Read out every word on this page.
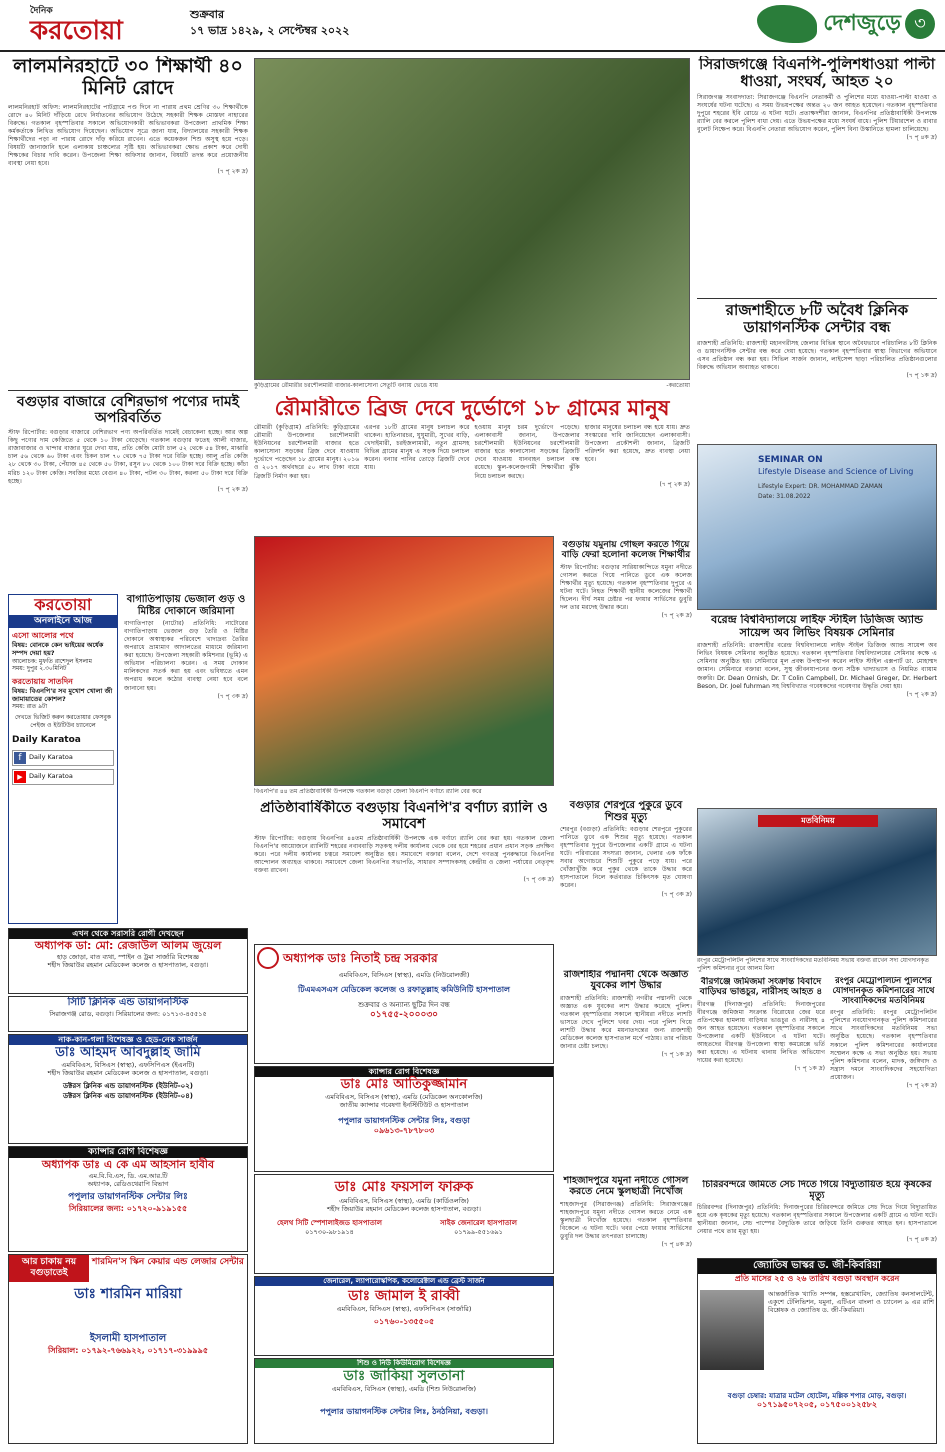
দৈনিক
করতোয়া
শুক্রবার
১৭ ভাদ্র ১৪২৯, ২ সেপ্টেম্বর ২০২২	দেশজুড়ে ৩
লালমনিরহাটে ৩০ শিক্ষার্থী ৪০ মিনিট রোদে
লালমনিরহাট অফিস: লালমনিরহাটের পাটগ্রামে পণ্ড দিনে না পারায় প্রথম শ্রেণির ৩০ শিক্ষার্থীকে রোদে ৪০ মিনিট দাঁড়িয়ে রেখে নির্যাতনের অভিযোগ উঠেছে সহকারী শিক্ষক মোস্তফা নাহারের বিরুদ্ধে। গতকাল বৃহস্পতিবার সকালে অভিযোগকারী অভিভাবকরা উপজেলা প্রাথমিক শিক্ষা কর্মকর্তাকে লিখিত অভিযোগ দিয়েছেন। অভিযোগ সূত্রে জানা যায়, বিদ্যালয়ের সহকারী শিক্ষক শিক্ষার্থীদের পড়া না পারায় রোদে দাঁড় করিয়ে রাখেন। এতে কয়েকজন শিশু অসুস্থ হয়ে পড়ে। বিষয়টি জানাজানি হলে এলাকায় চাঞ্চল্যের সৃষ্টি হয়। অভিভাবকরা ক্ষোভ প্রকাশ করে দোষী শিক্ষকের বিচার দাবি করেন। উপজেলা শিক্ষা অফিসার জানান, বিষয়টি তদন্ত করে প্রয়োজনীয় ব্যবস্থা নেয়া হবে।
(৭ পৃ ২ক দ্র)
কুড়িগ্রামের রৌমারীর চরশৌলমারী বাজার-কালাসোনা সেতুটি বন্যায় ভেঙে যায়	-করতোয়া
সিরাজগঞ্জে বিএনপি-পুলিশধাওয়া পাল্টা ধাওয়া, সংঘর্ষ, আহত ২০
সিরাজগঞ্জ সংবাদদাতা: সিরাজগঞ্জে বিএনপি নেতাকর্মী ও পুলিশের মধ্যে ধাওয়া-পাল্টা ধাওয়া ও সংঘর্ষের ঘটনা ঘটেছে। এ সময় উভয়পক্ষের অন্তত ২০ জন আহত হয়েছেন। গতকাল বৃহস্পতিবার দুপুরে শহরের ইবি রোডে এ ঘটনা ঘটে। প্রত্যক্ষদর্শীরা জানান, বিএনপির প্রতিষ্ঠাবার্ষিকী উপলক্ষে র‌্যালি বের করলে পুলিশ বাধা দেয়। এতে উভয়পক্ষের মধ্যে সংঘর্ষ বাধে। পুলিশ টিয়ারশেল ও রাবার বুলেট নিক্ষেপ করে। বিএনপি নেতারা অভিযোগ করেন, পুলিশ বিনা উস্কানিতে হামলা চালিয়েছে।
(৭ পৃ ৪ক দ্র)
রাজশাহীতে ৮টি অবৈধ ক্লিনিক ডায়াগনস্টিক সেন্টার বন্ধ
রাজশাহী প্রতিনিধি: রাজশাহী মহানগরীসহ জেলার বিভিন্ন স্থানে অবৈধভাবে পরিচালিত ৮টি ক্লিনিক ও ডায়াগনস্টিক সেন্টার বন্ধ করে দেয়া হয়েছে। গতকাল বৃহস্পতিবার স্বাস্থ্য বিভাগের অভিযানে এসব প্রতিষ্ঠান বন্ধ করা হয়। সিভিল সার্জন জানান, লাইসেন্স ছাড়া পরিচালিত প্রতিষ্ঠানগুলোর বিরুদ্ধে অভিযান অব্যাহত থাকবে।
(৭ পৃ ১ক দ্র)
বগুড়ার বাজারে বেশিরভাগ পণ্যের দামই অপরিবর্তিত
স্টাফ রিপোর্টার: বগুড়ার বাজারে বেশিরভাগ পণ্য অপরিবর্তিত দামেই বেচাকেনা হচ্ছে। আর অল্প কিছু পণ্যের দাম কেজিতে ৫ থেকে ১০ টাকা বেড়েছে। গতকাল বগুড়ার ফতেহ আলী বাজার, রাজাবাজার ও খান্দার বাজার ঘুরে দেখা যায়, প্রতি কেজি মোটা চাল ৫২ থেকে ৫৪ টাকা, মাঝারি চাল ৫৬ থেকে ৬০ টাকা এবং চিকন চাল ৭০ থেকে ৭৫ টাকা দরে বিক্রি হচ্ছে। আলু প্রতি কেজি ২৮ থেকে ৩০ টাকা, পেঁয়াজ ৪৫ থেকে ৫০ টাকা, রসুন ৮০ থেকে ১০০ টাকা দরে বিক্রি হচ্ছে। কাঁচা মরিচ ১২০ টাকা কেজি। সবজির মধ্যে বেগুন ৪০ টাকা, পটল ৩০ টাকা, করলা ৫০ টাকা দরে বিক্রি হচ্ছে।
(৭ পৃ ২ক দ্র)
রৌমারীতে ব্রিজ দেবে দুর্ভোগে ১৮ গ্রামের মানুষ
রৌমারী (কুড়িগ্রাম) প্রতিনিধি: কুড়িগ্রামের রৌমারী উপজেলার চরশৌলমারী ইউনিয়নের চরশৌলমারী বাজার হতে কালাসোনা সড়কের ব্রিজ দেবে যাওয়ায় দুর্ভোগে পড়েছেন ১৮ গ্রামের মানুষ। ২০১৬ ও ২০১৭ অর্থবছরে ৫০ লাখ টাকা ব্যয়ে ব্রিজটি নির্মাণ করা হয়।
এরপর ১৮টি গ্রামের মানুষ চলাচল করে থাকেন। হাতিনারচর, ঘুঘুমারী, সুখের বাড়ি, খেদাইমারী, চরইজলামারী, নতুন গ্রামসহ বিভিন্ন গ্রামের মানুষ এ সড়ক দিয়ে চলাচল করেন। বন্যার পানির তোড়ে ব্রিজটি দেবে যায়।
হওয়ায় মানুষ চরম দুর্ভোগে পড়েছে। এলাকাবাসী জানান, উপজেলার চরশৌলমারী ইউনিয়নের চরশৌলমারী বাজার হতে কালাসোনা সড়কের ব্রিজটি দেবে যাওয়ায় যানবাহন চলাচল বন্ধ রয়েছে। স্কুল-কলেজগামী শিক্ষার্থীরা ঝুঁকি নিয়ে চলাচল করছে।
হাজার মানুষের চলাচল বন্ধ হয়ে যায়। দ্রুত সংস্কারের দাবি জানিয়েছেন এলাকাবাসী। উপজেলা প্রকৌশলী জানান, ব্রিজটি পরিদর্শন করা হয়েছে, দ্রুত ব্যবস্থা নেয়া হবে।
(৭ পৃ ২ক দ্র)
SEMINAR ON
Lifestyle Disease and Science of Living
Lifestyle Expert: DR. MOHAMMAD ZAMAN
Date: 31.08.2022
বরেন্দ্র বিশ্ববিদ্যালয়ে লাইফ স্টাইল ডিজিজ অ্যান্ড সায়েন্স অব লিভিং বিষয়ক সেমিনার
রাজশাহী প্রতিনিধি: রাজশাহীর বরেন্দ্র বিশ্ববিদ্যালয়ে লাইফ স্টাইল ডিজিজ অ্যান্ড সায়েন্স অব লিভিং বিষয়ক সেমিনার অনুষ্ঠিত হয়েছে। গতকাল বৃহস্পতিবার বিশ্ববিদ্যালয়ের সেমিনার কক্ষে এ সেমিনার অনুষ্ঠিত হয়। সেমিনারে মূল প্রবন্ধ উপস্থাপন করেন লাইফ স্টাইল এক্সপার্ট ডা. মোহাম্মদ জামান। সেমিনারে বক্তারা বলেন, সুস্থ জীবনযাপনের জন্য সঠিক খাদ্যাভ্যাস ও নিয়মিত ব্যায়াম জরুরি। Dr. Dean Ornish, Dr. T Colin Campbell, Dr. Michael Greger, Dr. Herbert Beson, Dr. Joel fuhrman সহ বিশ্ববিখ্যাত গবেষকদের গবেষণার উদ্ধৃতি দেয়া হয়।
(৭ পৃ ২ক দ্র)
বিএনপি'র ৪৪ তম প্রতিষ্ঠাবার্ষিকী উপলক্ষে গতকাল বগুড়া জেলা বিএনপি বর্ণাঢ্য র‌্যালি বের করে
বগুড়ায় যমুনায় গোছল করতে গিয়ে বাড়ি ফেরা হলোনা কলেজ শিক্ষার্থীর
স্টাফ রিপোর্টার: বগুড়ার সারিয়াকান্দিতে যমুনা নদীতে গোসল করতে গিয়ে পানিতে ডুবে এক কলেজ শিক্ষার্থীর মৃত্যু হয়েছে। গতকাল বৃহস্পতিবার দুপুরে এ ঘটনা ঘটে। নিহত শিক্ষার্থী স্থানীয় কলেজের শিক্ষার্থী ছিলেন। দীর্ঘ সময় চেষ্টার পর ফায়ার সার্ভিসের ডুবুরি দল তার মরদেহ উদ্ধার করে।
(৭ পৃ ২ক দ্র)
করতোয়া
অনলাইনে আজ
এসো আলোর পথে
বিষয়: বোনকে কেন ভাইয়ের অর্ধেক সম্পদ দেয়া হয়?
আলোচক: মুফতি রাশেদুল ইসলাম
সময়: দুপুর ২.৩০মিনিট
করতোয়ায় সাতদিন
বিষয়: বিএনপি'র সব মুখোশ খোলা জী জামায়াতের কোশল?
সময়: রাত ৯টা
দেখতে ভিজিট করুন করতোয়ার ফেসবুক পেইজ ও ইউটিউব চ্যানেলে
Daily Karatoa
f	Daily Karatoa
▶ Daily Karatoa
বাগাতিপাড়ায় ভেজাল গুড় ও মিষ্টির দোকানে জরিমানা
বাগাতিপাড়া (নাটোর) প্রতিনিধি: নাটোরের বাগাতিপাড়ায় ভেজাল গুড় তৈরি ও মিষ্টির দোকানে অস্বাস্থ্যকর পরিবেশে খাদ্যদ্রব্য তৈরির অপরাধে ভ্রাম্যমাণ আদালতের মাধ্যমে জরিমানা করা হয়েছে। উপজেলা সহকারী কমিশনার (ভূমি) এ অভিযান পরিচালনা করেন। এ সময় দোকান মালিকদের সতর্ক করা হয় এবং ভবিষ্যতে এমন অপরাধ করলে কঠোর ব্যবস্থা নেয়া হবে বলে জানানো হয়।
(৭ পৃ ৩ক দ্র)
প্রতিষ্ঠাবার্ষিকীতে বগুড়ায় বিএনপি'র বর্ণাঢ্য র‌্যালি ও সমাবেশ
স্টাফ রিপোর্টার: বগুড়ায় বিএনপির ৪৪তম প্রতিষ্ঠাবার্ষিকী উপলক্ষে এক বর্ণাঢ্য র‌্যালি বের করা হয়। গতকাল জেলা বিএনপি'র আয়োজনে র‌্যালিটি শহরের নবাববাড়ি সড়কস্থ দলীয় কার্যালয় থেকে বের হয়ে শহরের প্রধান প্রধান সড়ক প্রদক্ষিণ করে। পরে দলীয় কার্যালয় চত্বরে সমাবেশ অনুষ্ঠিত হয়। সমাবেশে বক্তারা বলেন, দেশে গণতন্ত্র পুনরুদ্ধারে বিএনপির আন্দোলন অব্যাহত থাকবে। সমাবেশে জেলা বিএনপির সভাপতি, সাধারণ সম্পাদকসহ কেন্দ্রীয় ও জেলা পর্যায়ের নেতৃবৃন্দ বক্তব্য রাখেন।
(৭ পৃ ৩ক দ্র)
বগুড়ার শেরপুরে পুকুরে ডুবে শিশুর মৃত্যু
শেরপুর (বগুড়া) প্রতিনিধি: বগুড়ার শেরপুরে পুকুরের পানিতে ডুবে এক শিশুর মৃত্যু হয়েছে। গতকাল বৃহস্পতিবার দুপুরে উপজেলার একটি গ্রামে এ ঘটনা ঘটে। পরিবারের সদস্যরা জানান, খেলার এক ফাঁকে সবার অগোচরে শিশুটি পুকুরে পড়ে যায়। পরে খোঁজাখুঁজি করে পুকুর থেকে তাকে উদ্ধার করে হাসপাতালে নিলে কর্তব্যরত চিকিৎসক মৃত ঘোষণা করেন।
(৭ পৃ ৩ক দ্র)
মতবিনিময়
রংপুর মেট্রোপলিটন পুলিশের সাথে সাংবাদিকদের মতবিনিময় সভায় বক্তব্য রাখেন সদ্য যোগদানকৃত পুলিশ কমিশনার নুরে আলম মিনা
রাজশাহীর পদ্মানদী থেকে অজ্ঞাত যুবকের লাশ উদ্ধার
রাজশাহী প্রতিনিধি: রাজশাহী নগরীর পদ্মানদী থেকে অজ্ঞাত এক যুবকের লাশ উদ্ধার করেছে পুলিশ। গতকাল বৃহস্পতিবার সকালে স্থানীয়রা নদীতে লাশটি ভাসতে দেখে পুলিশে খবর দেয়। পরে পুলিশ গিয়ে লাশটি উদ্ধার করে ময়নাতদন্তের জন্য রাজশাহী মেডিকেল কলেজ হাসপাতাল মর্গে পাঠায়। তার পরিচয় জানার চেষ্টা চলছে।
(৭ পৃ ১ক দ্র)
বীরগঞ্জে জমিজমা সংক্রান্ত বিবাদে বাড়িঘর ভাঙচুর, নারীসহ আহত ৪
বীরগঞ্জ (দিনাজপুর) প্রতিনিধি: দিনাজপুরের বীরগঞ্জে জমিজমা সংক্রান্ত বিরোধের জের ধরে প্রতিপক্ষের হামলায় বাড়িঘর ভাঙচুর ও নারীসহ ৪ জন আহত হয়েছেন। গতকাল বৃহস্পতিবার সকালে উপজেলার একটি ইউনিয়নে এ ঘটনা ঘটে। আহতদের বীরগঞ্জ উপজেলা স্বাস্থ্য কমপ্লেক্সে ভর্তি করা হয়েছে। এ ঘটনায় থানায় লিখিত অভিযোগ দায়ের করা হয়েছে।
(৭ পৃ ১ক দ্র)
রংপুর মেট্রোপলিটন পুলিশের যোগদানকৃত কমিশনারের সাথে সাংবাদিকদের মতবিনিময়
রংপুর প্রতিনিধি: রংপুর মেট্রোপলিটন পুলিশের নবযোগদানকৃত পুলিশ কমিশনারের সাথে সাংবাদিকদের মতবিনিময় সভা অনুষ্ঠিত হয়েছে। গতকাল বৃহস্পতিবার সকালে পুলিশ কমিশনারের কার্যালয়ের সম্মেলন কক্ষে এ সভা অনুষ্ঠিত হয়। সভায় পুলিশ কমিশনার বলেন, মাদক, জঙ্গিবাদ ও সন্ত্রাস দমনে সাংবাদিকদের সহযোগিতা প্রয়োজন।
(৭ পৃ ২ক দ্র)
শাহজাদপুরে যমুনা নদীতে গোসল করতে নেমে স্কুলছাত্রী নিখোঁজ
শাহজাদপুর (সিরাজগঞ্জ) প্রতিনিধি: সিরাজগঞ্জের শাহজাদপুরে যমুনা নদীতে গোসল করতে নেমে এক স্কুলছাত্রী নিখোঁজ হয়েছে। গতকাল বৃহস্পতিবার বিকেলে এ ঘটনা ঘটে। খবর পেয়ে ফায়ার সার্ভিসের ডুবুরি দল উদ্ধার তৎপরতা চালাচ্ছে।
(৭ পৃ ৪ক দ্র)
চিরিরবন্দরে জমিতে সেচ দিতে গিয়ে বিদ্যুতায়িত হয়ে কৃষকের মৃত্যু
চিরিরবন্দর (দিনাজপুর) প্রতিনিধি: দিনাজপুরের চিরিরবন্দরে জমিতে সেচ দিতে গিয়ে বিদ্যুতায়িত হয়ে এক কৃষকের মৃত্যু হয়েছে। গতকাল বৃহস্পতিবার সকালে উপজেলার একটি গ্রামে এ ঘটনা ঘটে। স্থানীয়রা জানান, সেচ পাম্পের বৈদ্যুতিক তারে জড়িয়ে তিনি গুরুতর আহত হন। হাসপাতালে নেয়ার পথে তার মৃত্যু হয়।
(৭ পৃ ৪ক দ্র)
এখন থেকে সরাসরি রোগী দেখছেন
অধ্যাপক ডা: মো: রেজাউল আলম জুয়েল
হাড় জোড়া, বাত ব্যথা, স্পাইন ও ট্রমা সার্জারি বিশেষজ্ঞ
শহীদ জিয়াউর রহমান মেডিকেল কলেজ ও হাসপাতাল, বগুড়া।
সিটি ক্লিনিক এন্ড ডায়াগনস্টিক
সিরাজগঞ্জ রোড, বগুড়া। সিরিয়ালের জন্য: ০১৭১৩-৪৫৫১৫
নাক-কান-গলা বিশেষজ্ঞ ও হেড-নেক সার্জন
ডাঃ আহমদ আবদুল্লাহ জামি
এমবিবিএস, বিসিএস (স্বাস্থ্য), এফসিপিএস (ইএনটি)
শহীদ জিয়াউর রহমান মেডিকেল কলেজ ও হাসপাতাল, বগুড়া।
ডক্টরস ক্লিনিক এন্ড ডায়াগনস্টিক (ইউনিট-০২)
ডক্টরস ক্লিনিক এন্ড ডায়াগনস্টিক (ইউনিট-০৪)
ক্যান্সার রোগ বিশেষজ্ঞ
অধ্যাপক ডাঃ এ কে এম আহসান হাবীব
এম.বি.বি.এস, ডি. এম.আর.টি
অধ্যাপক, রেডিওথেরাপি বিভাগ
পপুলার ডায়াগনস্টিক সেন্টার লিঃ
সিরিয়ালের জন্য: ০১৭২০-৯১৯১৫৫
আর চাকায় নয় বগুড়াতেই
শারমিন'স স্কিন কেয়ার এন্ড লেজার সেন্টার
ডাঃ শারমিন মারিয়া
ইসলামী হাসপাতাল
সিরিয়াল: ০১৭৯২-৭৬৬৯২২, ০১৭১৭-৩১৯৯৯৫
অধ্যাপক ডাঃ নিতাই চন্দ্র সরকার
এমবিবিএস, বিসিএস (স্বাস্থ্য), এমডি (নিউরোলজী)
টিএমএসএস মেডিকেল কলেজ ও রফাতুল্লাহ কমিউনিটি হাসপাতাল
শুক্রবার ও অন্যান্য ছুটির দিন বন্ধ
০১৭৫৫-২০০০৩০
ক্যান্সার রোগ বিশেষজ্ঞ
ডাঃ মোঃ আতিকুজ্জামান
এমবিবিএস, বিসিএস (স্বাস্থ্য), এমডি (মেডিকেল অনকোলজি)
জাতীয় ক্যান্সার গবেষণা ইনস্টিটিউট ও হাসপাতাল
পপুলার ডায়াগনস্টিক সেন্টার লিঃ, বগুড়া
০৯৬১৩-৭৮৭৮০৩
ডাঃ মোঃ ফয়সাল ফারুক
এমবিবিএস, বিসিএস (স্বাস্থ্য), এমডি (কার্ডিওলজি)
শহীদ জিয়াউর রহমান মেডিকেল কলেজ হাসপাতাল, বগুড়া।
হেলথ সিটি স্পেশালাইজড হাসপাতাল
০১৭৩০-৯৮১৯১৪
সাইক জেনারেল হাসপাতাল
০১৭৯৯-৫৫১৬৯১
জেনারেল, ল্যাপারোস্কপিক, কলোরেক্টাল এন্ড ব্রেস্ট সার্জন
ডাঃ জামাল ই রাব্বী
এমবিবিএস, বিসিএস (স্বাস্থ্য), এফসিপিএস (সার্জারি)
০১৭৬০-১৩৫৫০৫
শিশু ও নিউ কিউমিরোগ বিশেষজ্ঞ
ডাঃ জাকিয়া সুলতানা
এমবিবিএস, বিসিএস (স্বাস্থ্য), এমডি (শিশু নিউরোলজি)
পপুলার ডায়াগনস্টিক সেন্টার লিঃ, ঠনঠনিয়া, বগুড়া।
জ্যোতিষ ভাস্কর ড. জী-কিবরিয়া
প্রতি মাসের ২৫ ও ২৬ তারিখ বগুড়া অবস্থান করেন
আন্তর্জাতিক খ্যাতি সম্পন্ন, হস্তরেখাবিদ, জ্যোতিষ কনসালটেন্ট, একুশে টেলিভিশন, যমুনা, এটিএন বাংলা ও চ্যানেল ৯ এর রাশি বিশ্লেষক ও জ্যোতিষ ড. জী-কিবরিয়া।
বগুড়া চেম্বার: যাত্রার মটেল হোটেল, মল্লিক শপার মোড়, বগুড়া।
০১৭১৯৫০৭২০৫, ০১৭৫০০১২৫৮২
